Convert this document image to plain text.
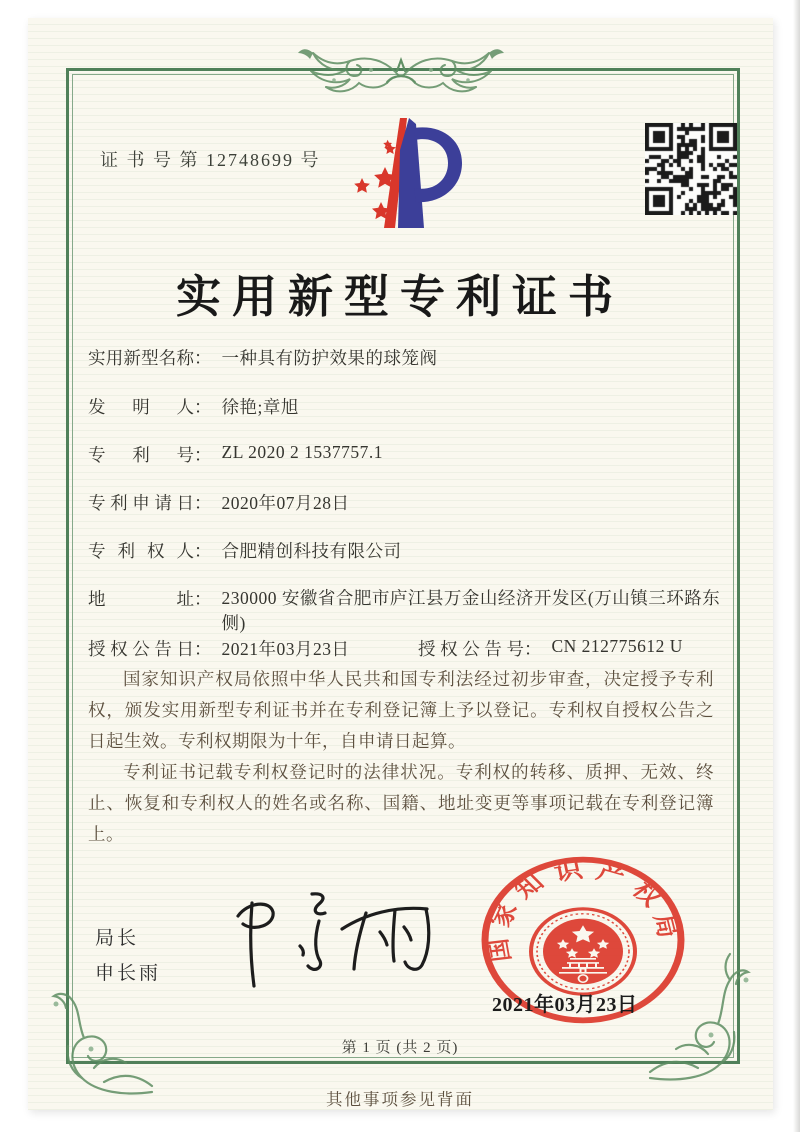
证 书 号 第 12748699 号
实用新型专利证书
实用新型名称 ： 一种具有防护效果的球笼阀
发明人 ： 徐艳;章旭
专利号 ： ZL 2020 2 1537757.1
专利申请日 ： 2020年07月28日
专利权人 ： 合肥精创科技有限公司
地址 ： 230000 安徽省合肥市庐江县万金山经济开发区(万山镇三环路东侧)
授权公告日 ： 2021年03月23日	授权公告号 ： CN 212775612 U

国家知识产权局依照中华人民共和国专利法经过初步审查，决定授予专利权，颁发实用新型专利证书并在专利登记簿上予以登记。专利权自授权公告之日起生效。专利权期限为十年，自申请日起算。

专利证书记载专利权登记时的法律状况。专利权的转移、质押、无效、终止、恢复和专利权人的姓名或名称、国籍、地址变更等事项记载在专利登记簿上。

局长
申长雨
国家知识产权局
2021年03月23日
第 1 页 (共 2 页)
其他事项参见背面
